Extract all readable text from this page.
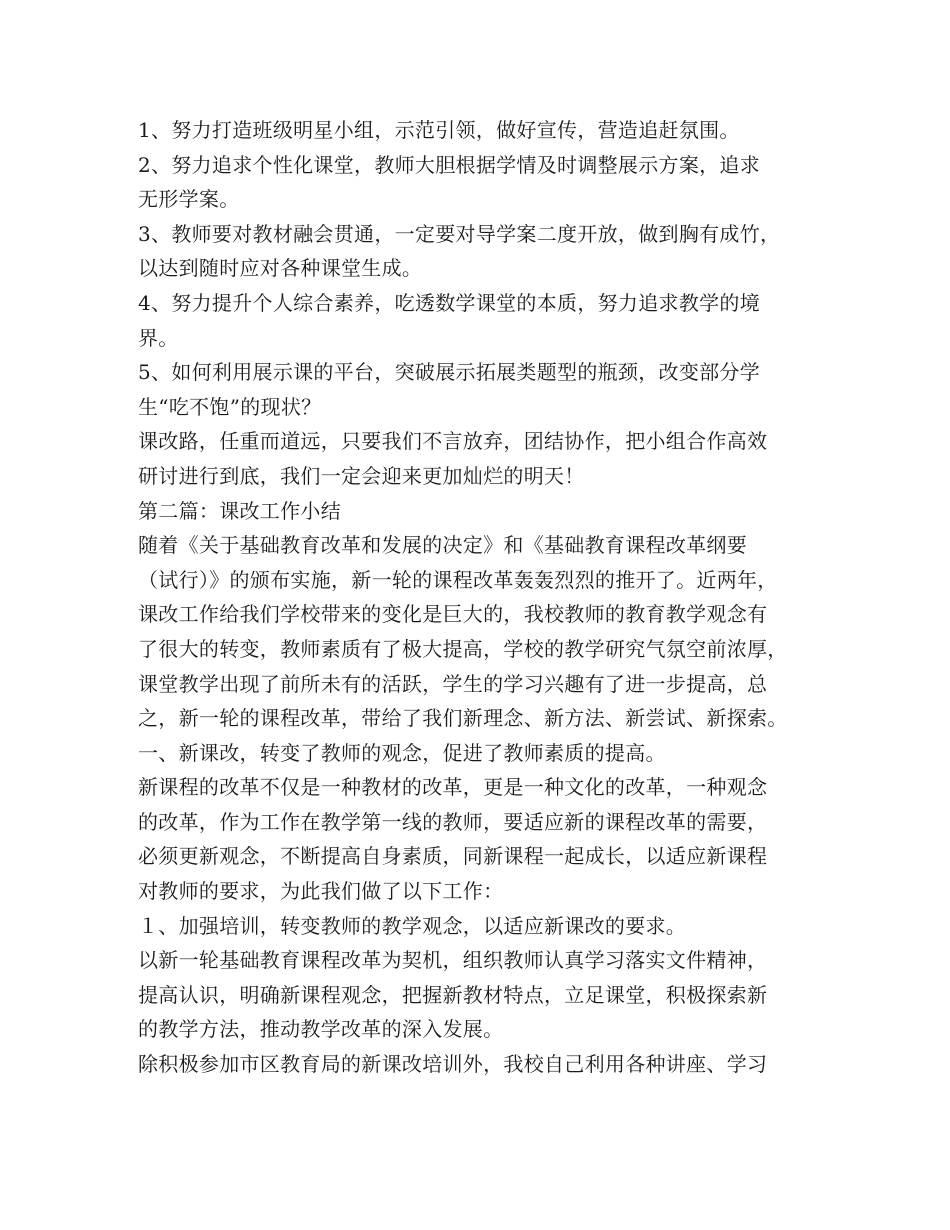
1、努力打造班级明星小组，示范引领，做好宣传，营造追赶氛围。
2、努力追求个性化课堂，教师大胆根据学情及时调整展示方案，追求
无形学案。
3、教师要对教材融会贯通，一定要对导学案二度开放，做到胸有成竹，
以达到随时应对各种课堂生成。
4、努力提升个人综合素养，吃透数学课堂的本质，努力追求教学的境
界。
5、如何利用展示课的平台，突破展示拓展类题型的瓶颈，改变部分学
生“吃不饱”的现状？
课改路，任重而道远，只要我们不言放弃，团结协作，把小组合作高效
研讨进行到底，我们一定会迎来更加灿烂的明天！
第二篇：课改工作小结
随着《关于基础教育改革和发展的决定》和《基础教育课程改革纲要
（试行）》的颁布实施，新一轮的课程改革轰轰烈烈的推开了。近两年，
课改工作给我们学校带来的变化是巨大的，我校教师的教育教学观念有
了很大的转变，教师素质有了极大提高，学校的教学研究气氛空前浓厚，
课堂教学出现了前所未有的活跃，学生的学习兴趣有了进一步提高，总
之，新一轮的课程改革，带给了我们新理念、新方法、新尝试、新探索。
一、新课改，转变了教师的观念，促进了教师素质的提高。
新课程的改革不仅是一种教材的改革，更是一种文化的改革，一种观念
的改革，作为工作在教学第一线的教师，要适应新的课程改革的需要，
必须更新观念，不断提高自身素质，同新课程一起成长，以适应新课程
对教师的要求，为此我们做了以下工作：
１、加强培训，转变教师的教学观念，以适应新课改的要求。
以新一轮基础教育课程改革为契机，组织教师认真学习落实文件精神，
提高认识，明确新课程观念，把握新教材特点，立足课堂，积极探索新
的教学方法，推动教学改革的深入发展。
除积极参加市区教育局的新课改培训外，我校自己利用各种讲座、学习
